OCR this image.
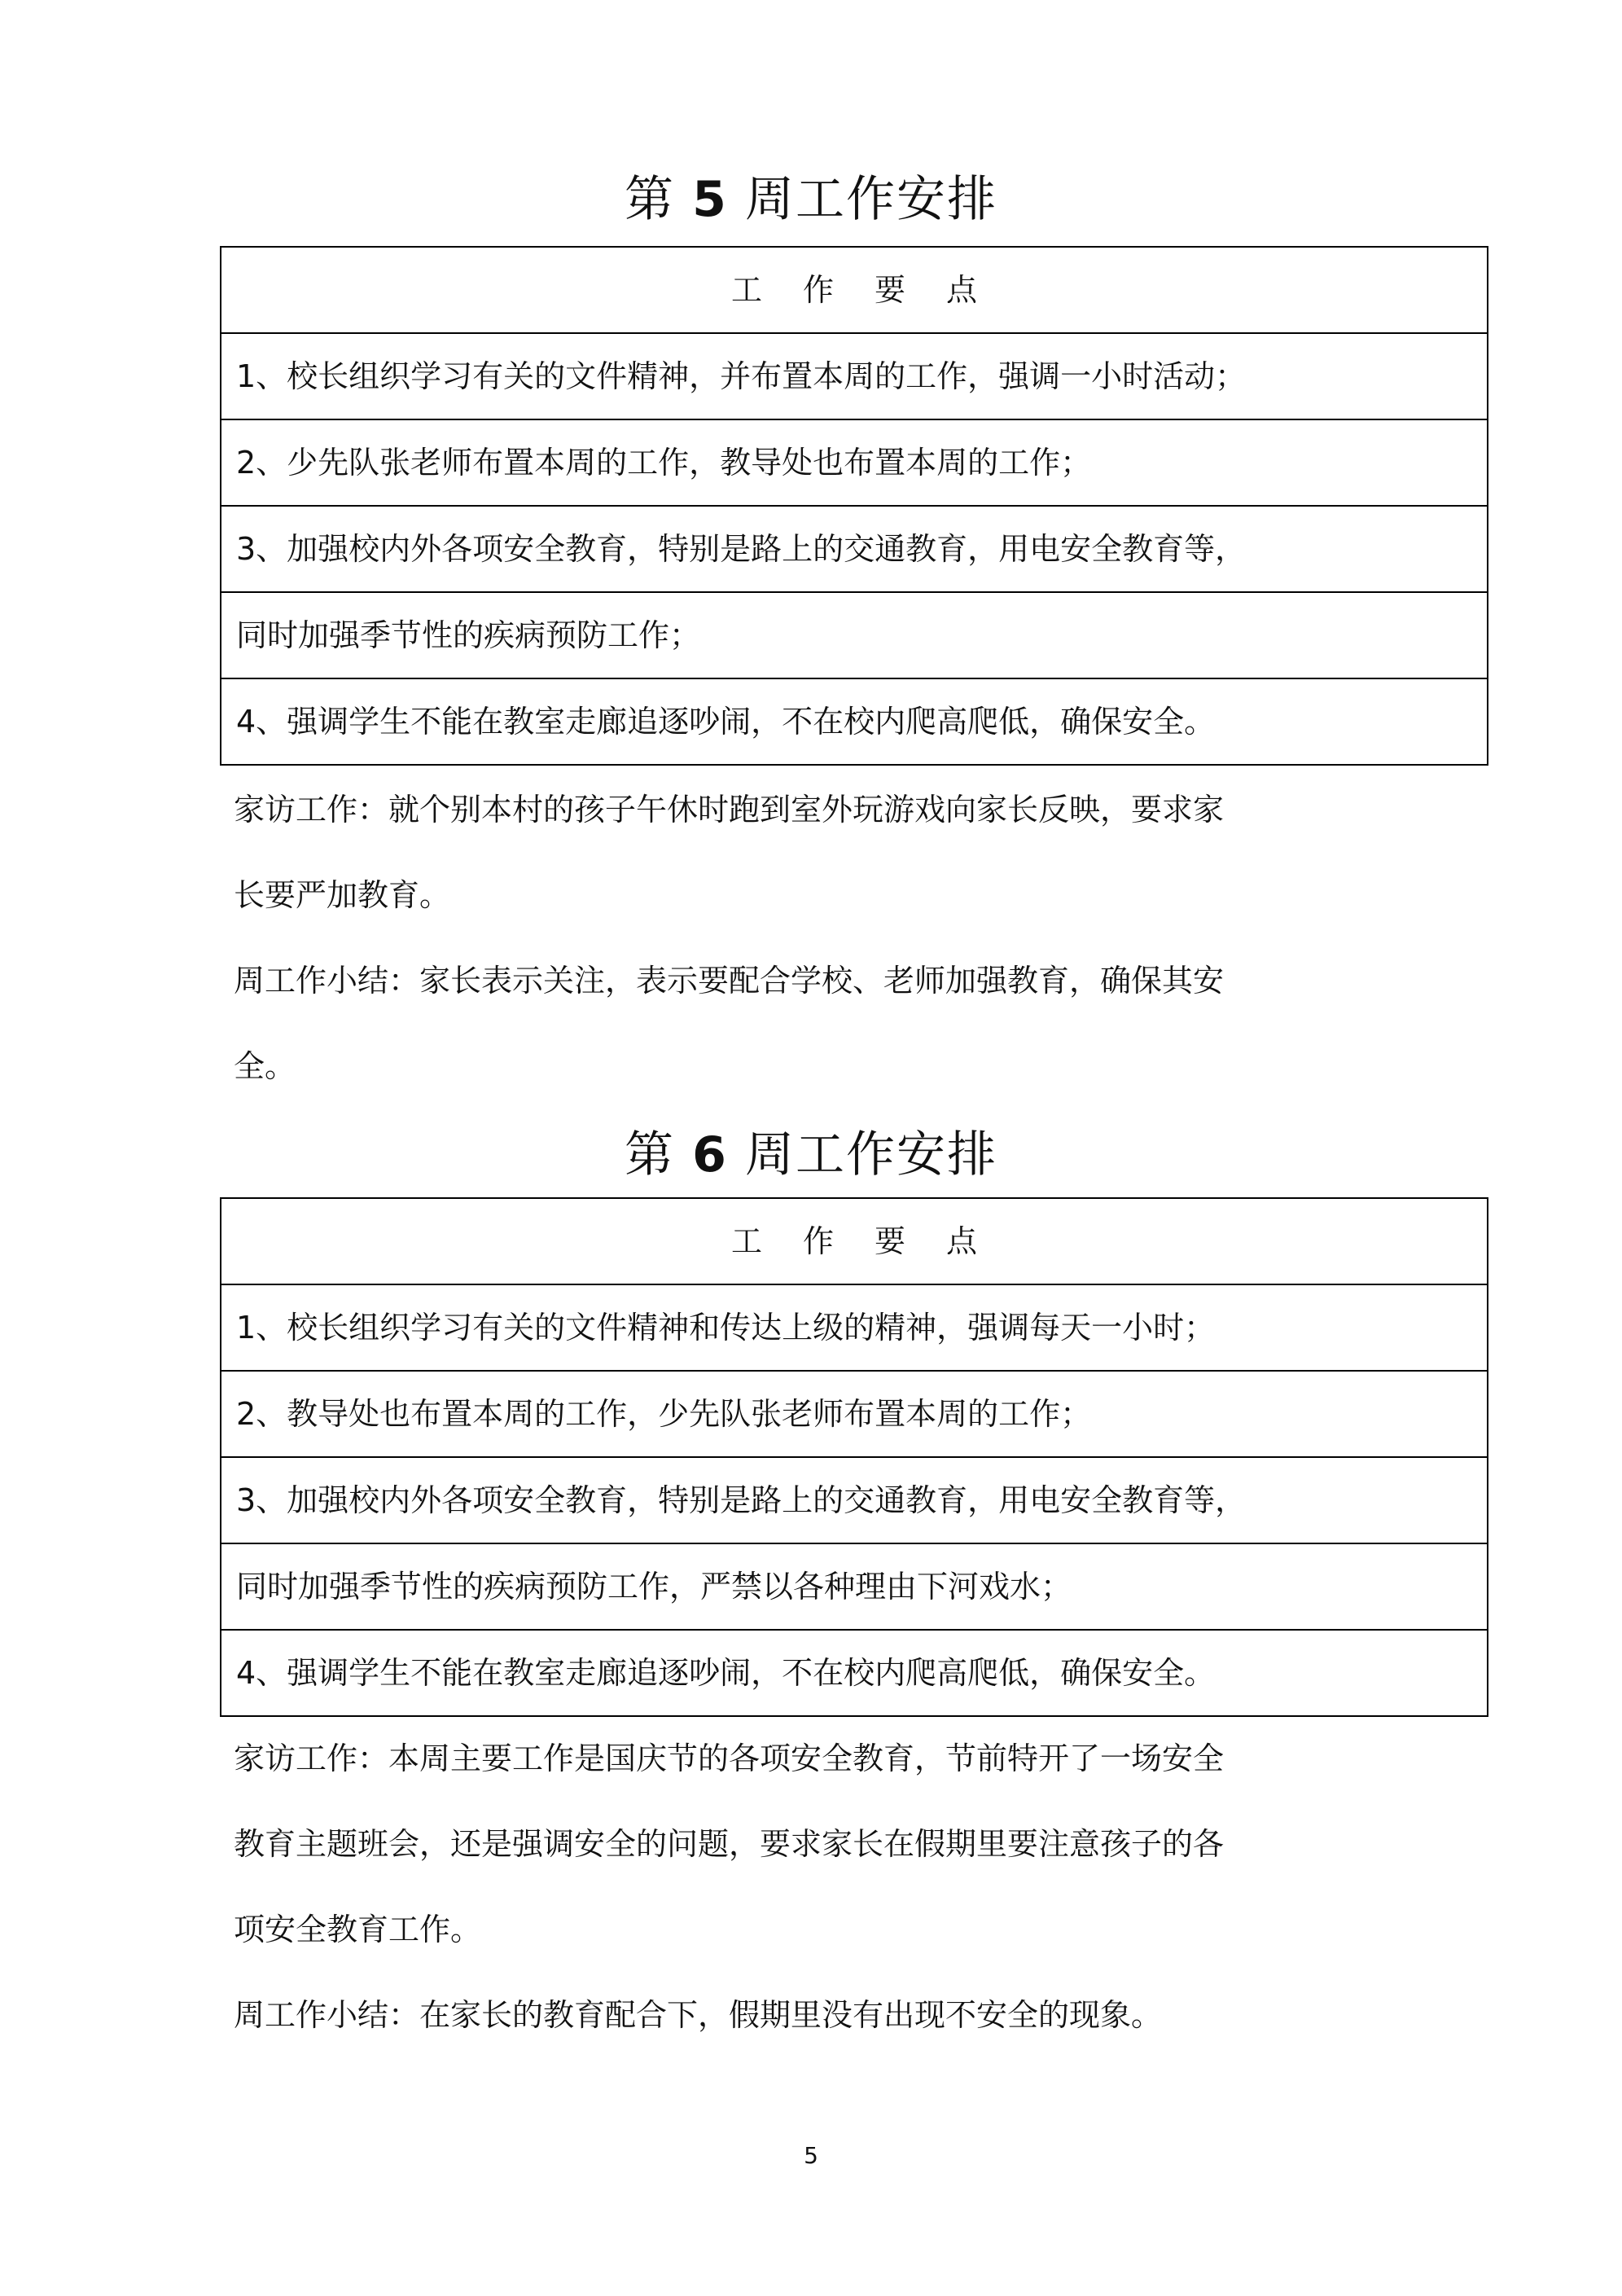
第 5 周工作安排
工作要点
1、校长组织学习有关的文件精神，并布置本周的工作，强调一小时活动；
2、少先队张老师布置本周的工作，教导处也布置本周的工作；
3、加强校内外各项安全教育，特别是路上的交通教育，用电安全教育等，
同时加强季节性的疾病预防工作；
4、强调学生不能在教室走廊追逐吵闹，不在校内爬高爬低，确保安全。
家访工作：就个别本村的孩子午休时跑到室外玩游戏向家长反映，要求家
长要严加教育。
周工作小结：家长表示关注，表示要配合学校、老师加强教育，确保其安
全。
第 6 周工作安排
工作要点
1、校长组织学习有关的文件精神和传达上级的精神，强调每天一小时；
2、教导处也布置本周的工作，少先队张老师布置本周的工作；
3、加强校内外各项安全教育，特别是路上的交通教育，用电安全教育等，
同时加强季节性的疾病预防工作，严禁以各种理由下河戏水；
4、强调学生不能在教室走廊追逐吵闹，不在校内爬高爬低，确保安全。
家访工作：本周主要工作是国庆节的各项安全教育，节前特开了一场安全
教育主题班会，还是强调安全的问题，要求家长在假期里要注意孩子的各
项安全教育工作。
周工作小结：在家长的教育配合下，假期里没有出现不安全的现象。
5
